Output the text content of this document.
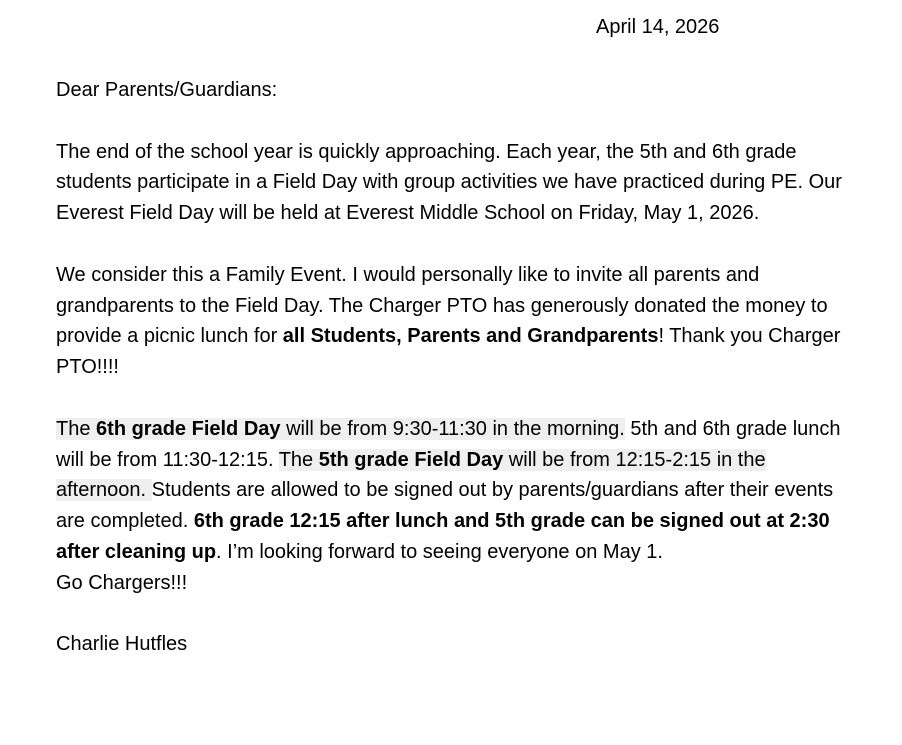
April 14, 2026

Dear Parents/Guardians:

The end of the school year is quickly approaching. Each year, the 5th and 6th grade students participate in a Field Day with group activities we have practiced during PE. Our Everest Field Day will be held at Everest Middle School on Friday, May 1, 2026.

We consider this a Family Event. I would personally like to invite all parents and grandparents to the Field Day. The Charger PTO has generously donated the money to provide a picnic lunch for all Students, Parents and Grandparents! Thank you Charger PTO!!!!

The 6th grade Field Day will be from 9:30-11:30 in the morning. 5th and 6th grade lunch will be from 11:30-12:15. The 5th grade Field Day will be from 12:15-2:15 in the afternoon. Students are allowed to be signed out by parents/guardians after their events are completed. 6th grade 12:15 after lunch and 5th grade can be signed out at 2:30 after cleaning up. I’m looking forward to seeing everyone on May 1.

Go Chargers!!!

Charlie Hutfles
